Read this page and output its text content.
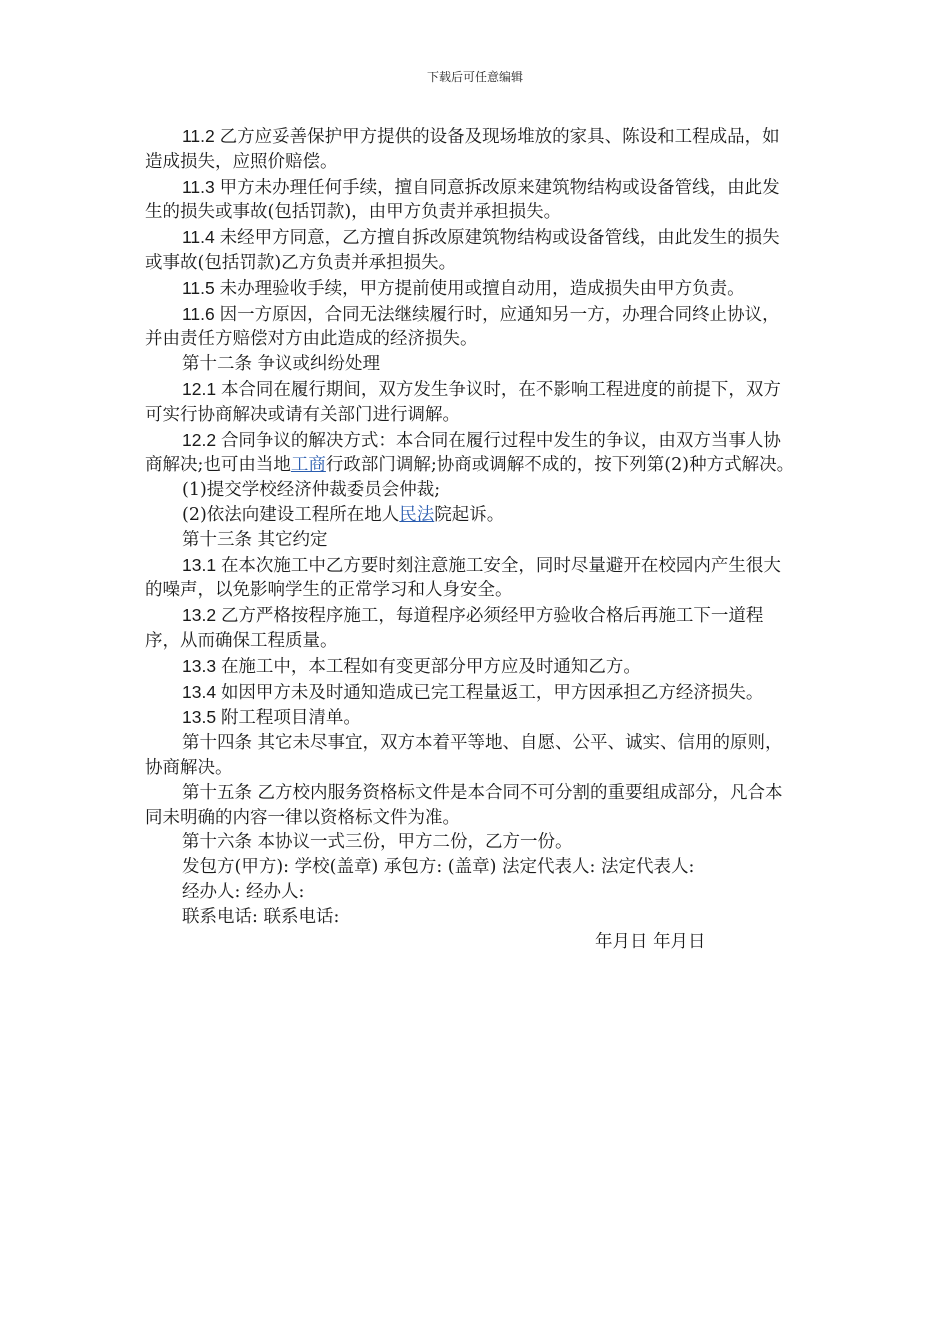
下载后可任意编辑

11.2 乙方应妥善保护甲方提供的设备及现场堆放的家具、陈设和工程成品，如造成损失，应照价赔偿。

11.3 甲方未办理任何手续，擅自同意拆改原来建筑物结构或设备管线，由此发生的损失或事故(包括罚款)，由甲方负责并承担损失。

11.4 未经甲方同意，乙方擅自拆改原建筑物结构或设备管线，由此发生的损失或事故(包括罚款)乙方负责并承担损失。

11.5 未办理验收手续，甲方提前使用或擅自动用，造成损失由甲方负责。

11.6 因一方原因，合同无法继续履行时，应通知另一方，办理合同终止协议，并由责任方赔偿对方由此造成的经济损失。

第十二条 争议或纠纷处理

12.1 本合同在履行期间，双方发生争议时，在不影响工程进度的前提下，双方可实行协商解决或请有关部门进行调解。

12.2 合同争议的解决方式：本合同在履行过程中发生的争议，由双方当事人协商解决;也可由当地工商行政部门调解;协商或调解不成的，按下列第(2)种方式解决。

(1)提交学校经济仲裁委员会仲裁;

(2)依法向建设工程所在地人民法院起诉。

第十三条 其它约定

13.1 在本次施工中乙方要时刻注意施工安全，同时尽量避开在校园内产生很大的噪声，以免影响学生的正常学习和人身安全。

13.2 乙方严格按程序施工，每道程序必须经甲方验收合格后再施工下一道程序，从而确保工程质量。

13.3 在施工中，本工程如有变更部分甲方应及时通知乙方。

13.4 如因甲方未及时通知造成已完工程量返工，甲方因承担乙方经济损失。

13.5 附工程项目清单。

第十四条 其它未尽事宜，双方本着平等地、自愿、公平、诚实、信用的原则，协商解决。

第十五条 乙方校内服务资格标文件是本合同不可分割的重要组成部分，凡合本同未明确的内容一律以资格标文件为准。

第十六条 本协议一式三份，甲方二份，乙方一份。

发包方(甲方): 学校(盖章) 承包方: (盖章) 法定代表人: 法定代表人:

经办人: 经办人:

联系电话: 联系电话:

年月日 年月日
